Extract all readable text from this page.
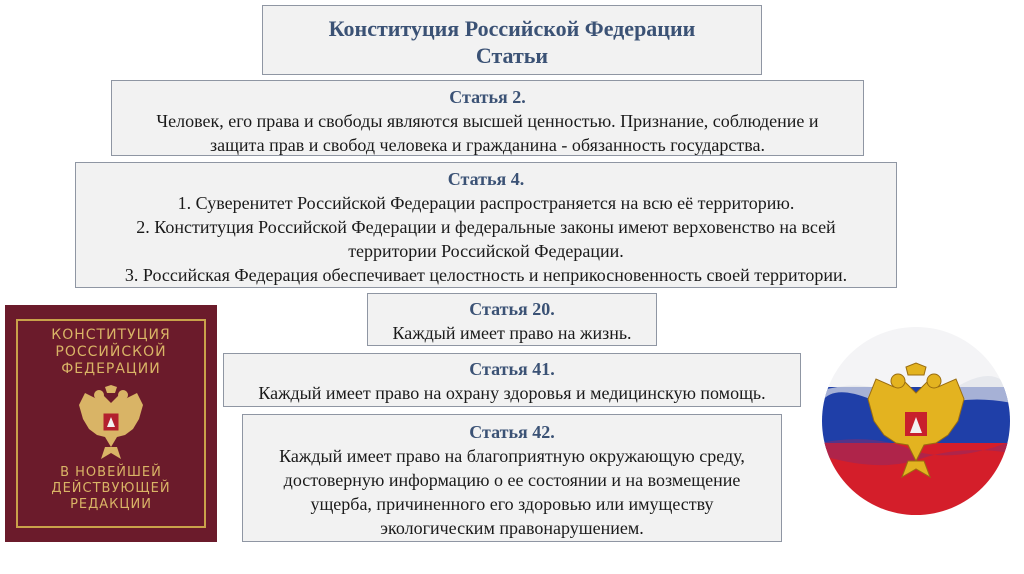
Конституция Российской Федерации
Статьи
Статья 2.
Человек, его права и свободы являются высшей ценностью. Признание, соблюдение и
защита прав и свобод человека и гражданина - обязанность государства.
Статья 4.
1. Суверенитет Российской Федерации распространяется на всю её территорию.
2. Конституция Российской Федерации и федеральные законы имеют верховенство на всей
территории Российской Федерации.
3. Российская Федерация обеспечивает целостность и неприкосновенность своей территории.
Статья 20.
Каждый имеет право на жизнь.
Статья 41.
Каждый имеет право на охрану здоровья и медицинскую помощь.
Статья 42.
Каждый имеет право на благоприятную окружающую среду,
достоверную информацию о ее состоянии и на возмещение
ущерба, причиненного его здоровью или имуществу
экологическим правонарушением.
КОНСТИТУЦИЯ
РОССИЙСКОЙ
ФЕДЕРАЦИИ
В НОВЕЙШЕЙ
ДЕЙСТВУЮЩЕЙ
РЕДАКЦИИ
